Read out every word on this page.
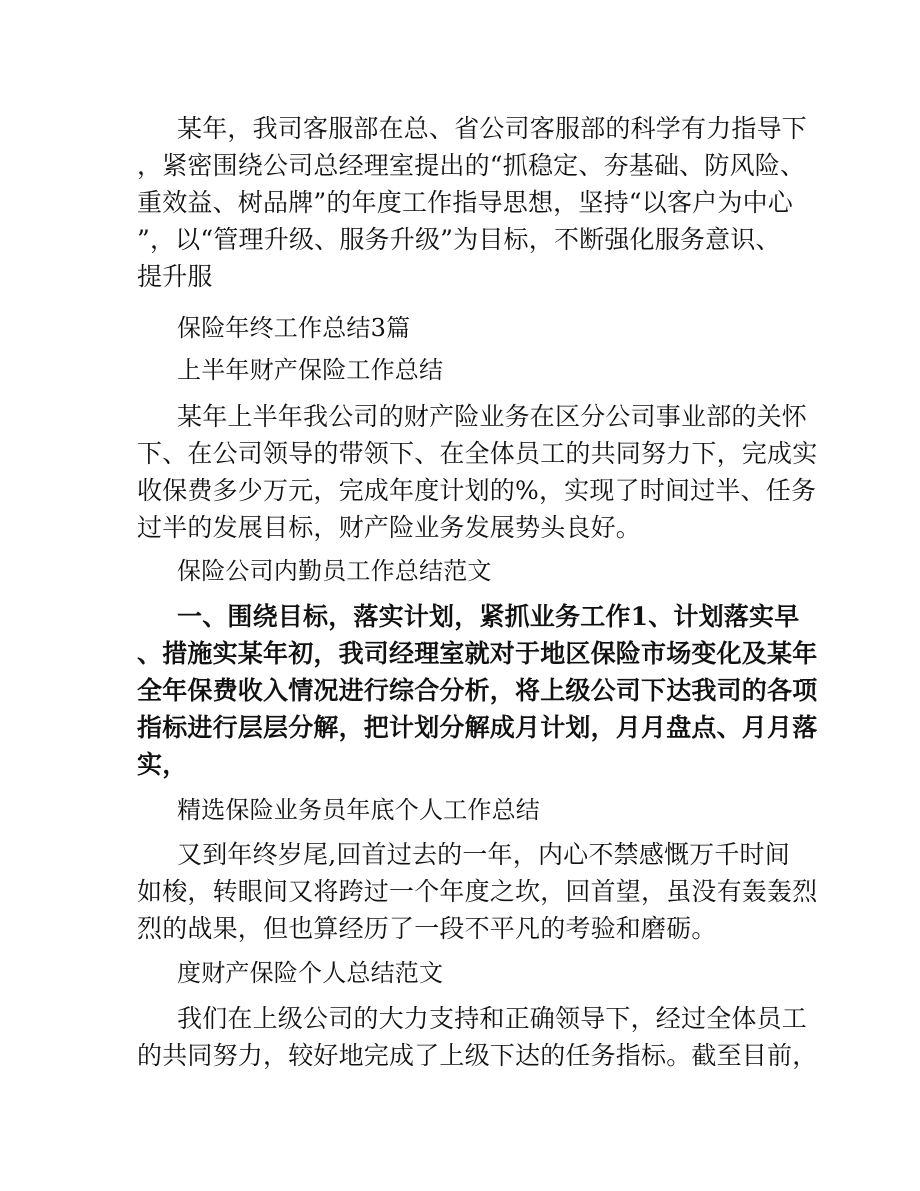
某年，我司客服部在总、省公司客服部的科学有力指导下
，紧密围绕公司总经理室提出的“抓稳定、夯基础、防风险、
重效益、树品牌”的年度工作指导思想，坚持“以客户为中心
”，以“管理升级、服务升级”为目标，不断强化服务意识、
提升服
保险年终工作总结3篇
上半年财产保险工作总结
某年上半年我公司的财产险业务在区分公司事业部的关怀
下、在公司领导的带领下、在全体员工的共同努力下，完成实
收保费多少万元，完成年度计划的%，实现了时间过半、任务
过半的发展目标，财产险业务发展势头良好。
保险公司内勤员工作总结范文
一、围绕目标，落实计划，紧抓业务工作1、计划落实早
、措施实某年初，我司经理室就对于地区保险市场变化及某年
全年保费收入情况进行综合分析，将上级公司下达我司的各项
指标进行层层分解，把计划分解成月计划，月月盘点、月月落
实，
精选保险业务员年底个人工作总结
又到年终岁尾,回首过去的一年，内心不禁感慨万千时间
如梭，转眼间又将跨过一个年度之坎，回首望，虽没有轰轰烈
烈的战果，但也算经历了一段不平凡的考验和磨砺。
度财产保险个人总结范文
我们在上级公司的大力支持和正确领导下，经过全体员工
的共同努力，较好地完成了上级下达的任务指标。截至目前，
